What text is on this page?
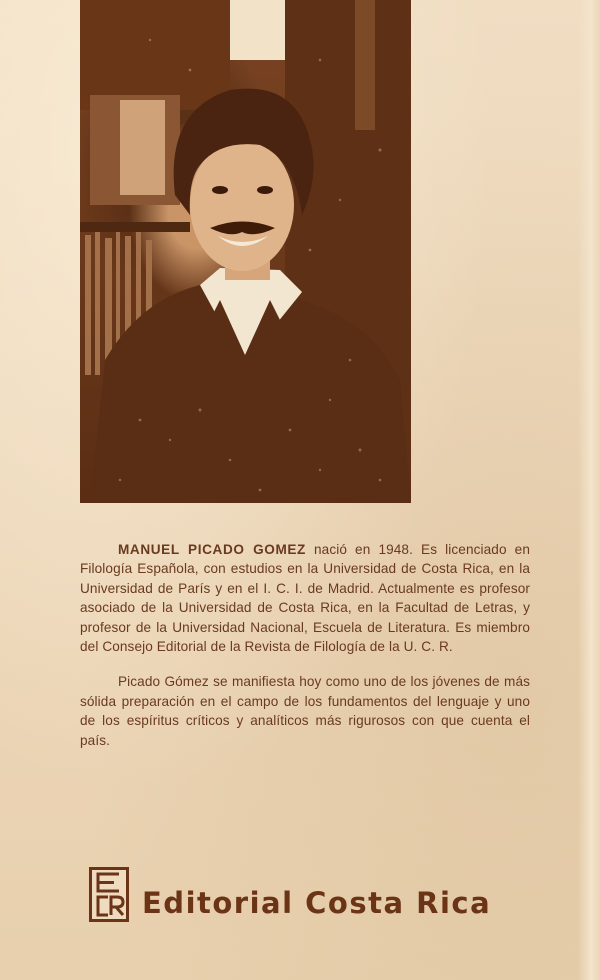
MANUEL PICADO GOMEZ nació en 1948. Es licenciado en Filología Española, con estudios en la Universidad de Costa Rica, en la Universidad de París y en el I. C. I. de Madrid. Actualmente es profesor asociado de la Universidad de Costa Rica, en la Facultad de Letras, y profesor de la Universidad Nacional, Escuela de Literatura. Es miembro del Consejo Editorial de la Revista de Filología de la U. C. R.

Picado Gómez se manifiesta hoy como uno de los jóvenes de más sólida preparación en el campo de los fundamentos del lenguaje y uno de los espíritus críticos y analíticos más rigurosos con que cuenta el país.

Editorial Costa Rica
